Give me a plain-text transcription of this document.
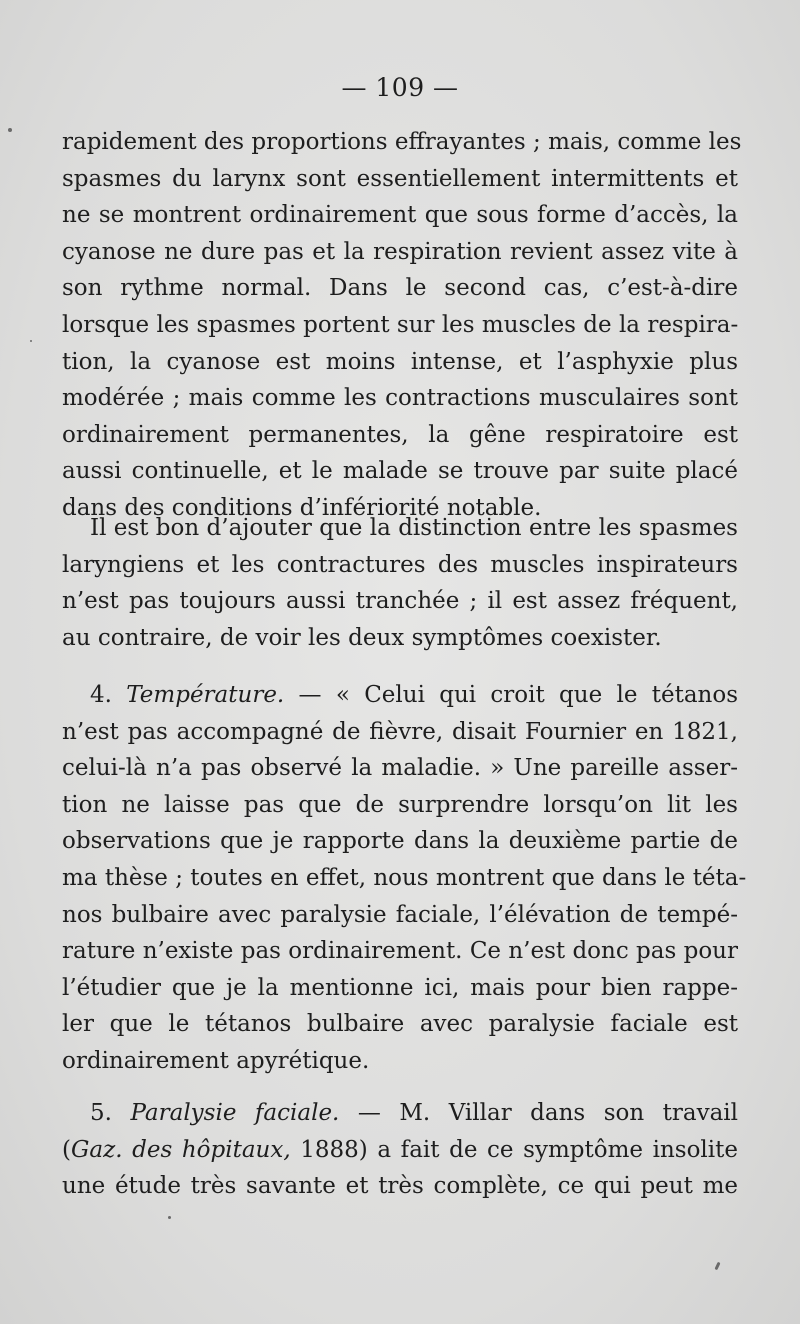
— 109 —

rapidement des proportions effrayantes ; mais, comme les

spasmes du larynx sont essentiellement intermittents et

ne se montrent ordinairement que sous forme d’accès, la

cyanose ne dure pas et la respiration revient assez vite à

son rythme normal. Dans le second cas, c’est-à-dire

lorsque les spasmes portent sur les muscles de la respira-

tion, la cyanose est moins intense, et l’asphyxie plus

modérée ; mais comme les contractions musculaires sont

ordinairement permanentes, la gêne respiratoire est

aussi continuelle, et le malade se trouve par suite placé

dans des conditions d’infériorité notable.

Il est bon d’ajouter que la distinction entre les spasmes

laryngiens et les contractures des muscles inspirateurs

n’est pas toujours aussi tranchée ; il est assez fréquent,

au contraire, de voir les deux symptômes coexister.

4. Température. — « Celui qui croit que le tétanos

n’est pas accompagné de fièvre, disait Fournier en 1821,

celui-là n’a pas observé la maladie. » Une pareille asser-

tion ne laisse pas que de surprendre lorsqu’on lit les

observations que je rapporte dans la deuxième partie de

ma thèse ; toutes en effet, nous montrent que dans le téta-

nos bulbaire avec paralysie faciale, l’élévation de tempé-

rature n’existe pas ordinairement. Ce n’est donc pas pour

l’étudier que je la mentionne ici, mais pour bien rappe-

ler que le tétanos bulbaire avec paralysie faciale est

ordinairement apyrétique.

5. Paralysie faciale. — M. Villar dans son travail

(Gaz. des hôpitaux, 1888) a fait de ce symptôme insolite

une étude très savante et très complète, ce qui peut me
